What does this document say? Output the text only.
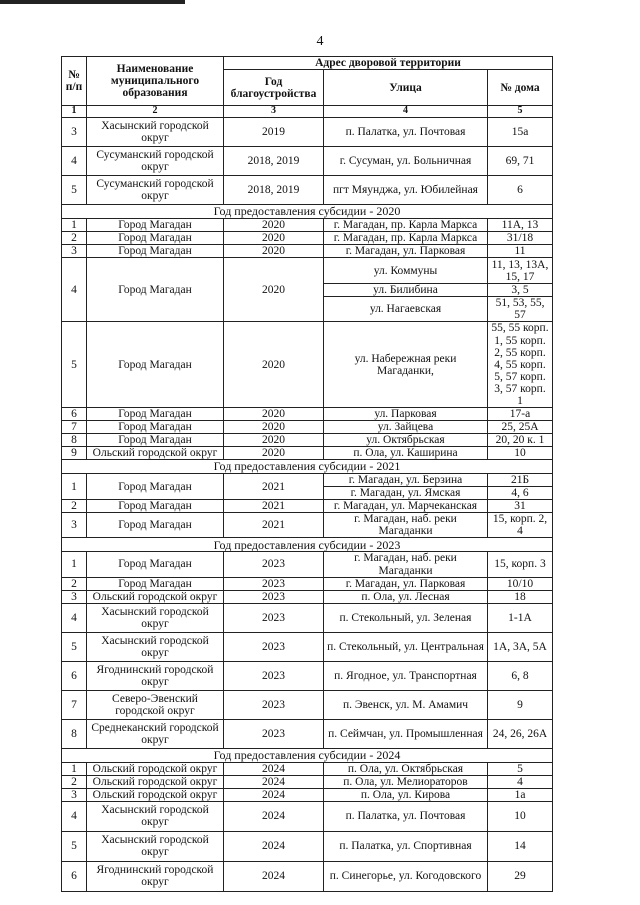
4
№ п/п	Наименование муниципального образования	Адрес дворовой территории		
		Год благоустройства	Улица	№ дома
1	2	3	4	5
3	Хасынский городской округ	2019	п. Палатка, ул. Почтовая	15а
4	Сусуманский городской округ	2018, 2019	г. Сусуман, ул. Больничная	69, 71
5	Сусуманский городской округ	2018, 2019	пгт Мяунджа, ул. Юбилейная	6
Год предоставления субсидии - 2020				
1	Город Магадан	2020	г. Магадан, пр. Карла Маркса	11А, 13
2	Город Магадан	2020	г. Магадан, пр. Карла Маркса	31/18
3	Город Магадан	2020	г. Магадан, ул. Парковая	11
4	Город Магадан	2020	ул. Коммуны	11, 13, 13А, 15, 17
			ул. Билибина	3, 5
			ул. Нагаевская	51, 53, 55, 57
5	Город Магадан	2020	ул. Набережная реки Магаданки,	55, 55 корп. 1, 55 корп. 2, 55 корп. 4, 55 корп. 5, 57 корп. 3, 57 корп. 1
6	Город Магадан	2020	ул. Парковая	17-а
7	Город Магадан	2020	ул. Зайцева	25, 25А
8	Город Магадан	2020	ул. Октябрьская	20, 20 к. 1
9	Ольский городской округ	2020	п. Ола, ул. Каширина	10
Год предоставления субсидии - 2021				
1	Город Магадан	2021	г. Магадан, ул. Берзина	21Б
			г. Магадан, ул. Ямская	4, 6
2	Город Магадан	2021	г. Магадан, ул. Марчеканская	31
3	Город Магадан	2021	г. Магадан, наб. реки Магаданки	15, корп. 2, 4
Год предоставления субсидии - 2023				
1	Город Магадан	2023	г. Магадан, наб. реки Магаданки	15, корп. 3
2	Город Магадан	2023	г. Магадан, ул. Парковая	10/10
3	Ольский городской округ	2023	п. Ола, ул. Лесная	18
4	Хасынский городской округ	2023	п. Стекольный, ул. Зеленая	1-1А
5	Хасынский городской округ	2023	п. Стекольный, ул. Центральная	1А, 3А, 5А
6	Ягоднинский городской округ	2023	п. Ягодное, ул. Транспортная	6, 8
7	Северо-Эвенский городской округ	2023	п. Эвенск, ул. М. Амамич	9
8	Среднеканский городской округ	2023	п. Сеймчан, ул. Промышленная	24, 26, 26А
Год предоставления субсидии - 2024				
1	Ольский городской округ	2024	п. Ола, ул. Октябрьская	5
2	Ольский городской округ	2024	п. Ола, ул. Мелиораторов	4
3	Ольский городской округ	2024	п. Ола, ул. Кирова	1а
4	Хасынский городской округ	2024	п. Палатка, ул. Почтовая	10
5	Хасынский городской округ	2024	п. Палатка, ул. Спортивная	14
6	Ягоднинский городской округ	2024	п. Синегорье, ул. Когодовского	29
